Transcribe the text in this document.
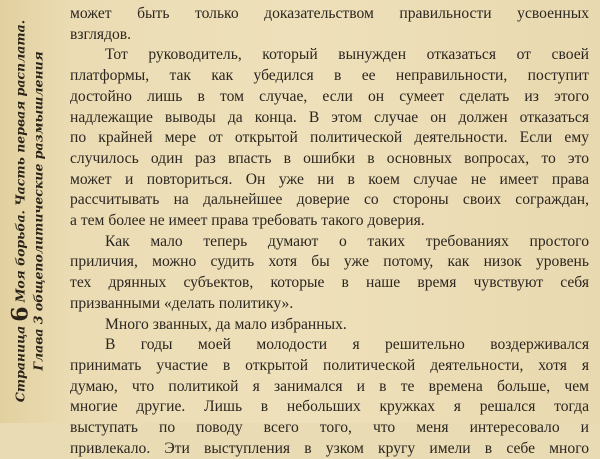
Страница6Моя борьба. Часть первая расплата. Глава 3 общеполитические размышления
может быть только доказательством правильности усвоенных
взглядов.
Тот руководитель, который вынужден отказаться от своей
платформы, так как убедился в ее неправильности, поступит
достойно лишь в том случае, если он сумеет сделать из этого
надлежащие выводы да конца. В этом случае он должен отказаться
по крайней мере от открытой политической деятельности. Если ему
случилось один раз впасть в ошибки в основных вопросах, то это
может и повториться. Он уже ни в коем случае не имеет права
рассчитывать на дальнейшее доверие со стороны своих сограждан,
а тем более не имеет права требовать такого доверия.
Как мало теперь думают о таких требованиях простого
приличия, можно судить хотя бы уже потому, как низок уровень
тех дрянных субъектов, которые в наше время чувствуют себя
призванными «делать политику».
Много званных, да мало избранных.
В годы моей молодости я решительно воздерживался
принимать участие в открытой политической деятельности, хотя я
думаю, что политикой я занимался и в те времена больше, чем
многие другие. Лишь в небольших кружках я решался тогда
выступать по поводу всего того, что меня интересовало и
привлекало. Эти выступления в узком кругу имели в себе много
